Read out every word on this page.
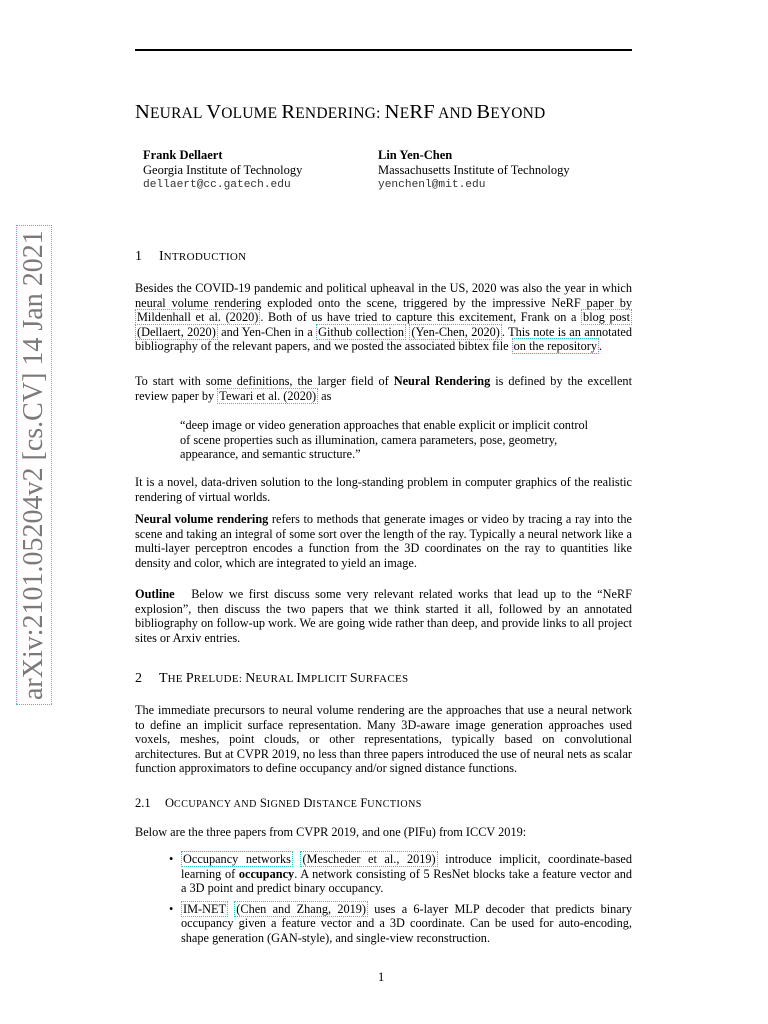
arXiv:2101.05204v2 [cs.CV] 14 Jan 2021
NEURAL VOLUME RENDERING: NERF AND BEYOND
Frank Dellaert
Georgia Institute of Technology
dellaert@cc.gatech.edu
Lin Yen-Chen
Massachusetts Institute of Technology
yenchenl@mit.edu
1 INTRODUCTION

Besides the COVID-19 pandemic and political upheaval in the US, 2020 was also the year in which neural volume rendering exploded onto the scene, triggered by the impressive NeRF paper by Mildenhall et al. (2020) . Both of us have tried to capture this excitement, Frank on a blog post (Dellaert, 2020) and Yen-Chen in a Github collection (Yen-Chen, 2020) . This note is an annotated bibliography of the relevant papers, and we posted the associated bibtex file on the repository .

To start with some definitions, the larger field of Neural Rendering is defined by the excellent review paper by Tewari et al. (2020) as

“deep image or video generation approaches that enable explicit or implicit control of scene properties such as illumination, camera parameters, pose, geometry, appearance, and semantic structure.”

It is a novel, data-driven solution to the long-standing problem in computer graphics of the realistic rendering of virtual worlds.

Neural volume rendering refers to methods that generate images or video by tracing a ray into the scene and taking an integral of some sort over the length of the ray. Typically a neural network like a multi-layer perceptron encodes a function from the 3D coordinates on the ray to quantities like density and color, which are integrated to yield an image.

Outline   Below we first discuss some very relevant related works that lead up to the “NeRF explosion”, then discuss the two papers that we think started it all, followed by an annotated bibliography on follow-up work. We are going wide rather than deep, and provide links to all project sites or Arxiv entries.

2 THE PRELUDE: NEURAL IMPLICIT SURFACES

The immediate precursors to neural volume rendering are the approaches that use a neural network to define an implicit surface representation. Many 3D-aware image generation approaches used voxels, meshes, point clouds, or other representations, typically based on convolutional architectures. But at CVPR 2019, no less than three papers introduced the use of neural nets as scalar function approximators to define occupancy and/or signed distance functions.

2.1 OCCUPANCY AND SIGNED DISTANCE FUNCTIONS

Below are the three papers from CVPR 2019, and one (PIFu) from ICCV 2019:

• Occupancy networks (Mescheder et al., 2019) introduce implicit, coordinate-based learning of occupancy. A network consisting of 5 ResNet blocks take a feature vector and a 3D point and predict binary occupancy.
• IM-NET (Chen and Zhang, 2019) uses a 6-layer MLP decoder that predicts binary occupancy given a feature vector and a 3D coordinate. Can be used for auto-encoding, shape generation (GAN-style), and single-view reconstruction.
1
